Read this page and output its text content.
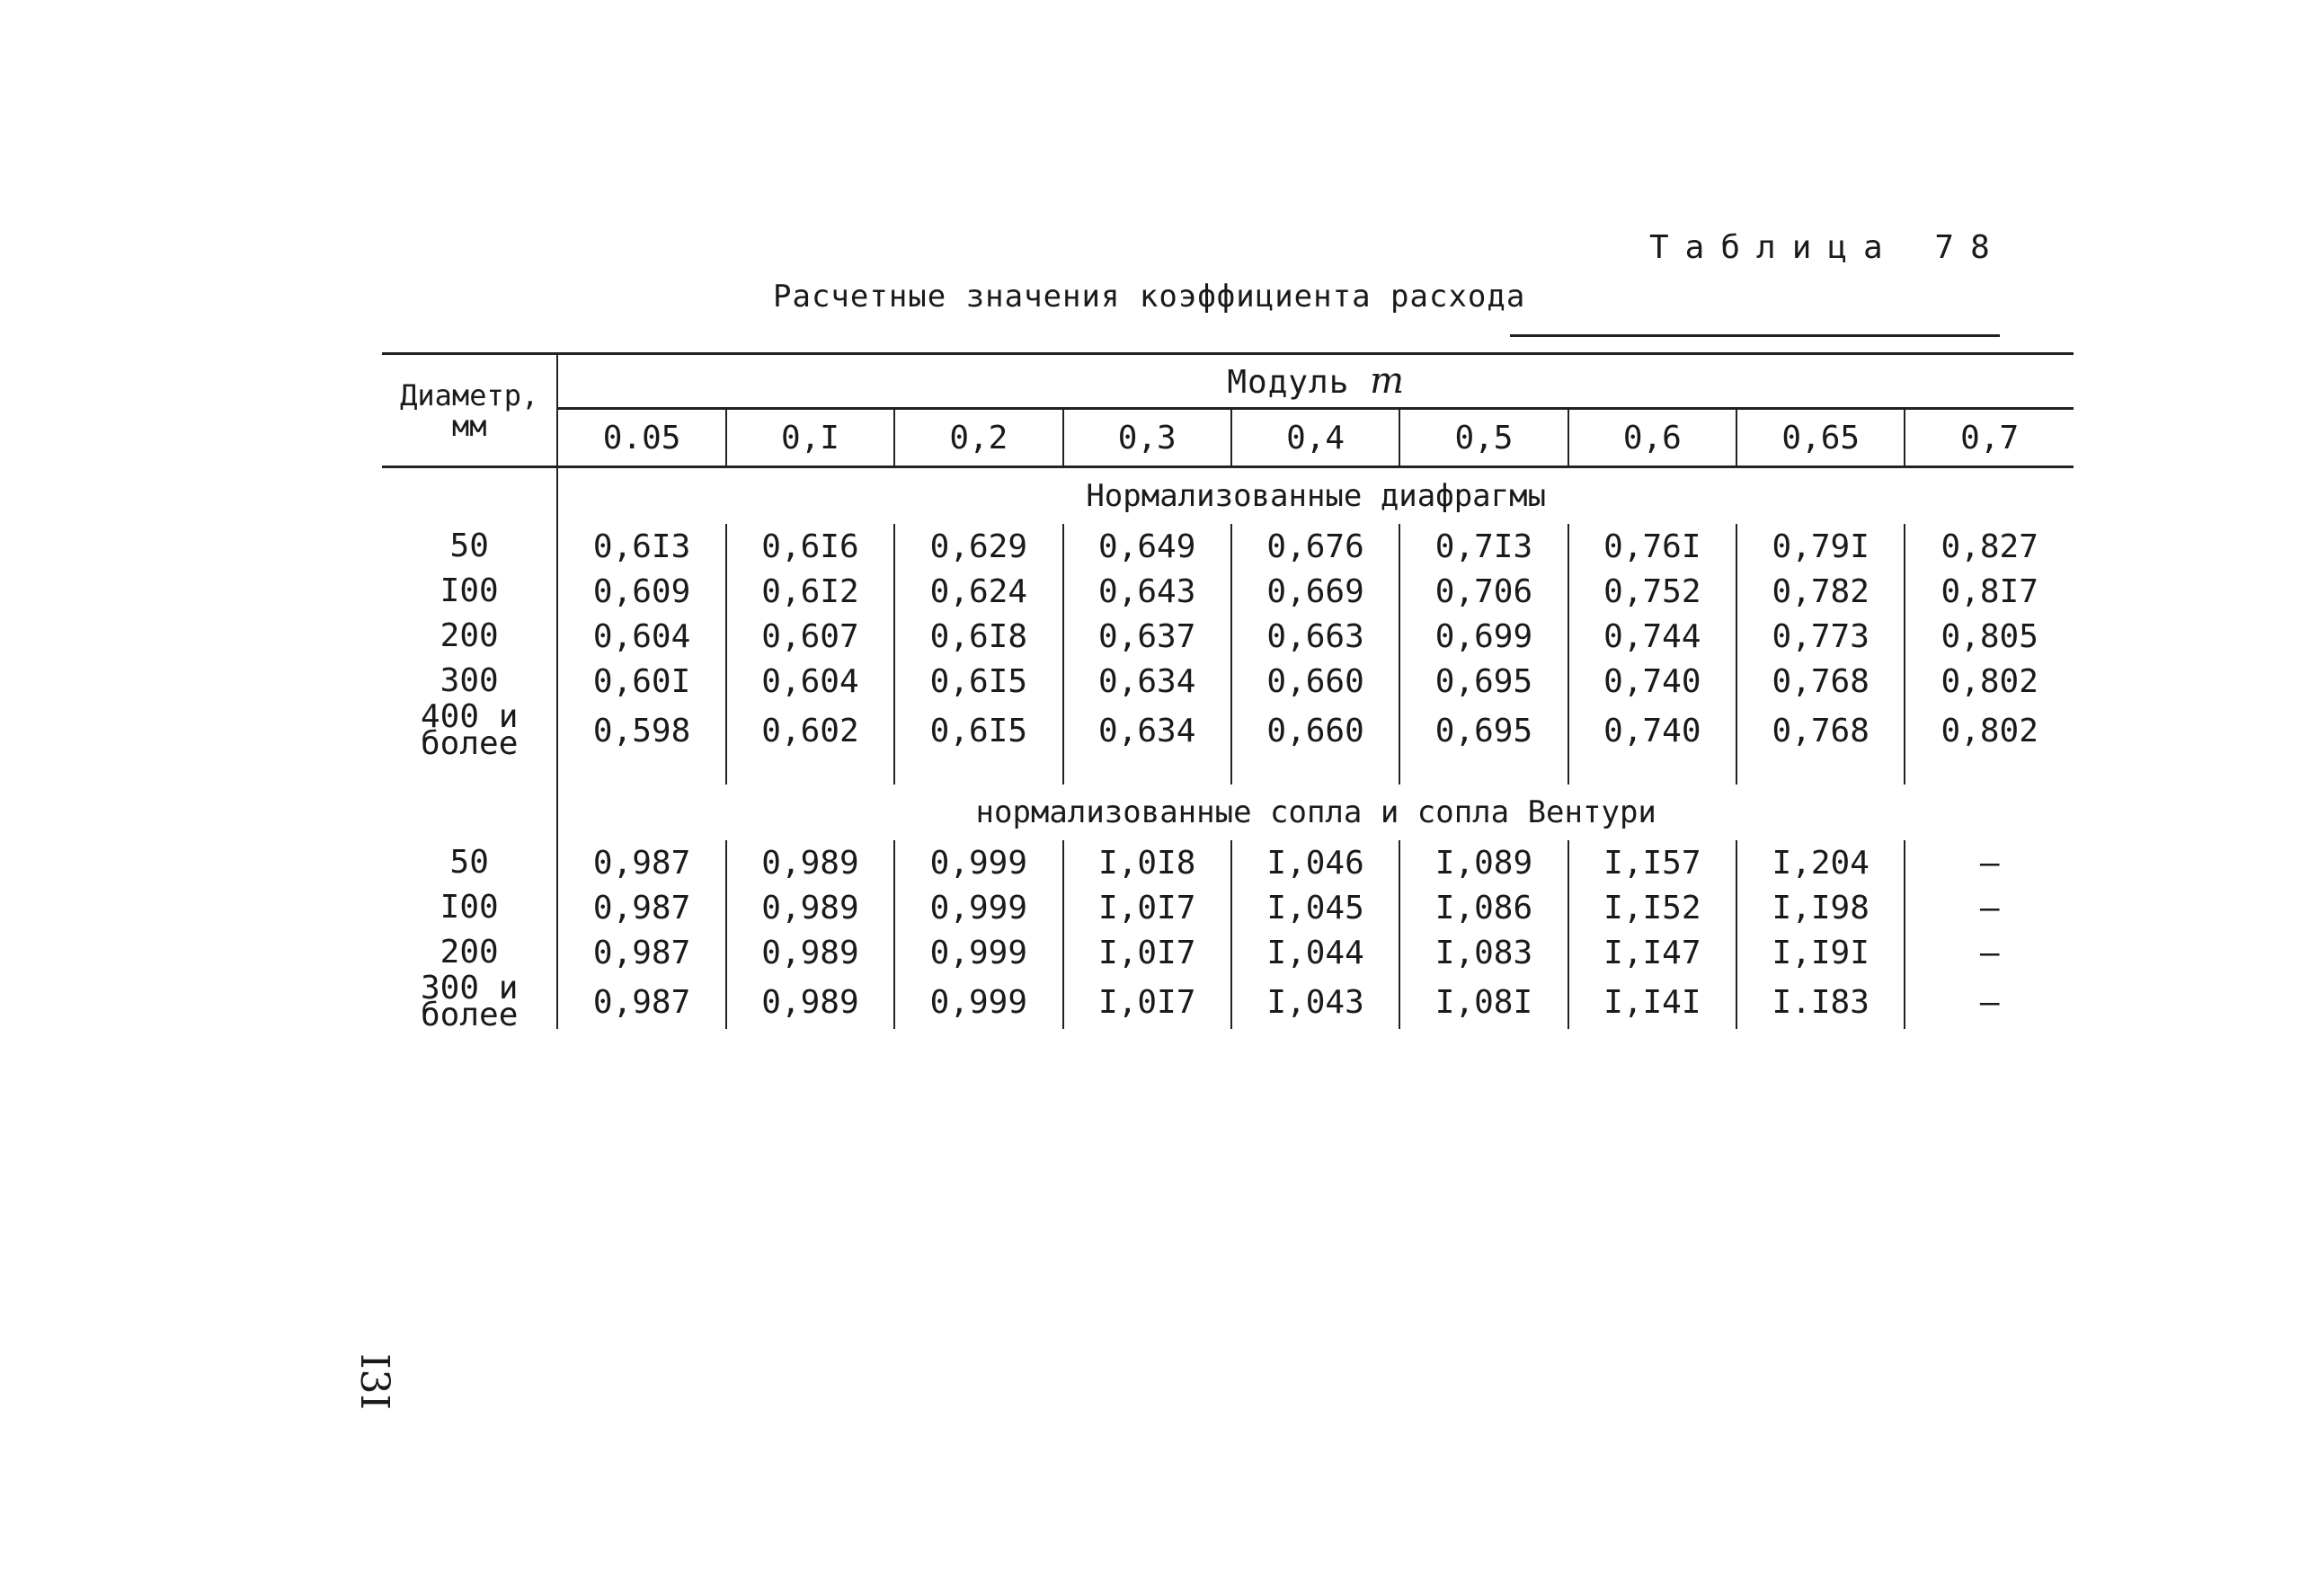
Таблица 78
Расчетные значения коэффициента расхода
Диаметр, мм	Модуль m								
	0.05	0,I	0,2	0,3	0,4	0,5	0,6	0,65	0,7
	Нормализованные диафрагмы								
50	0,6I3	0,6I6	0,629	0,649	0,676	0,7I3	0,76I	0,79I	0,827
I00	0,609	0,6I2	0,624	0,643	0,669	0,706	0,752	0,782	0,8I7
200	0,604	0,607	0,6I8	0,637	0,663	0,699	0,744	0,773	0,805
300	0,60I	0,604	0,6I5	0,634	0,660	0,695	0,740	0,768	0,802
400 и более	0,598	0,602	0,6I5	0,634	0,660	0,695	0,740	0,768	0,802

	нормализованные сопла и сопла Вентури								
50	0,987	0,989	0,999	I,0I8	I,046	I,089	I,I57	I,204	–
I00	0,987	0,989	0,999	I,0I7	I,045	I,086	I,I52	I,I98	–
200	0,987	0,989	0,999	I,0I7	I,044	I,083	I,I47	I,I9I	–
300 и более	0,987	0,989	0,999	I,0I7	I,043	I,08I	I,I4I	I.I83	–
I3I
